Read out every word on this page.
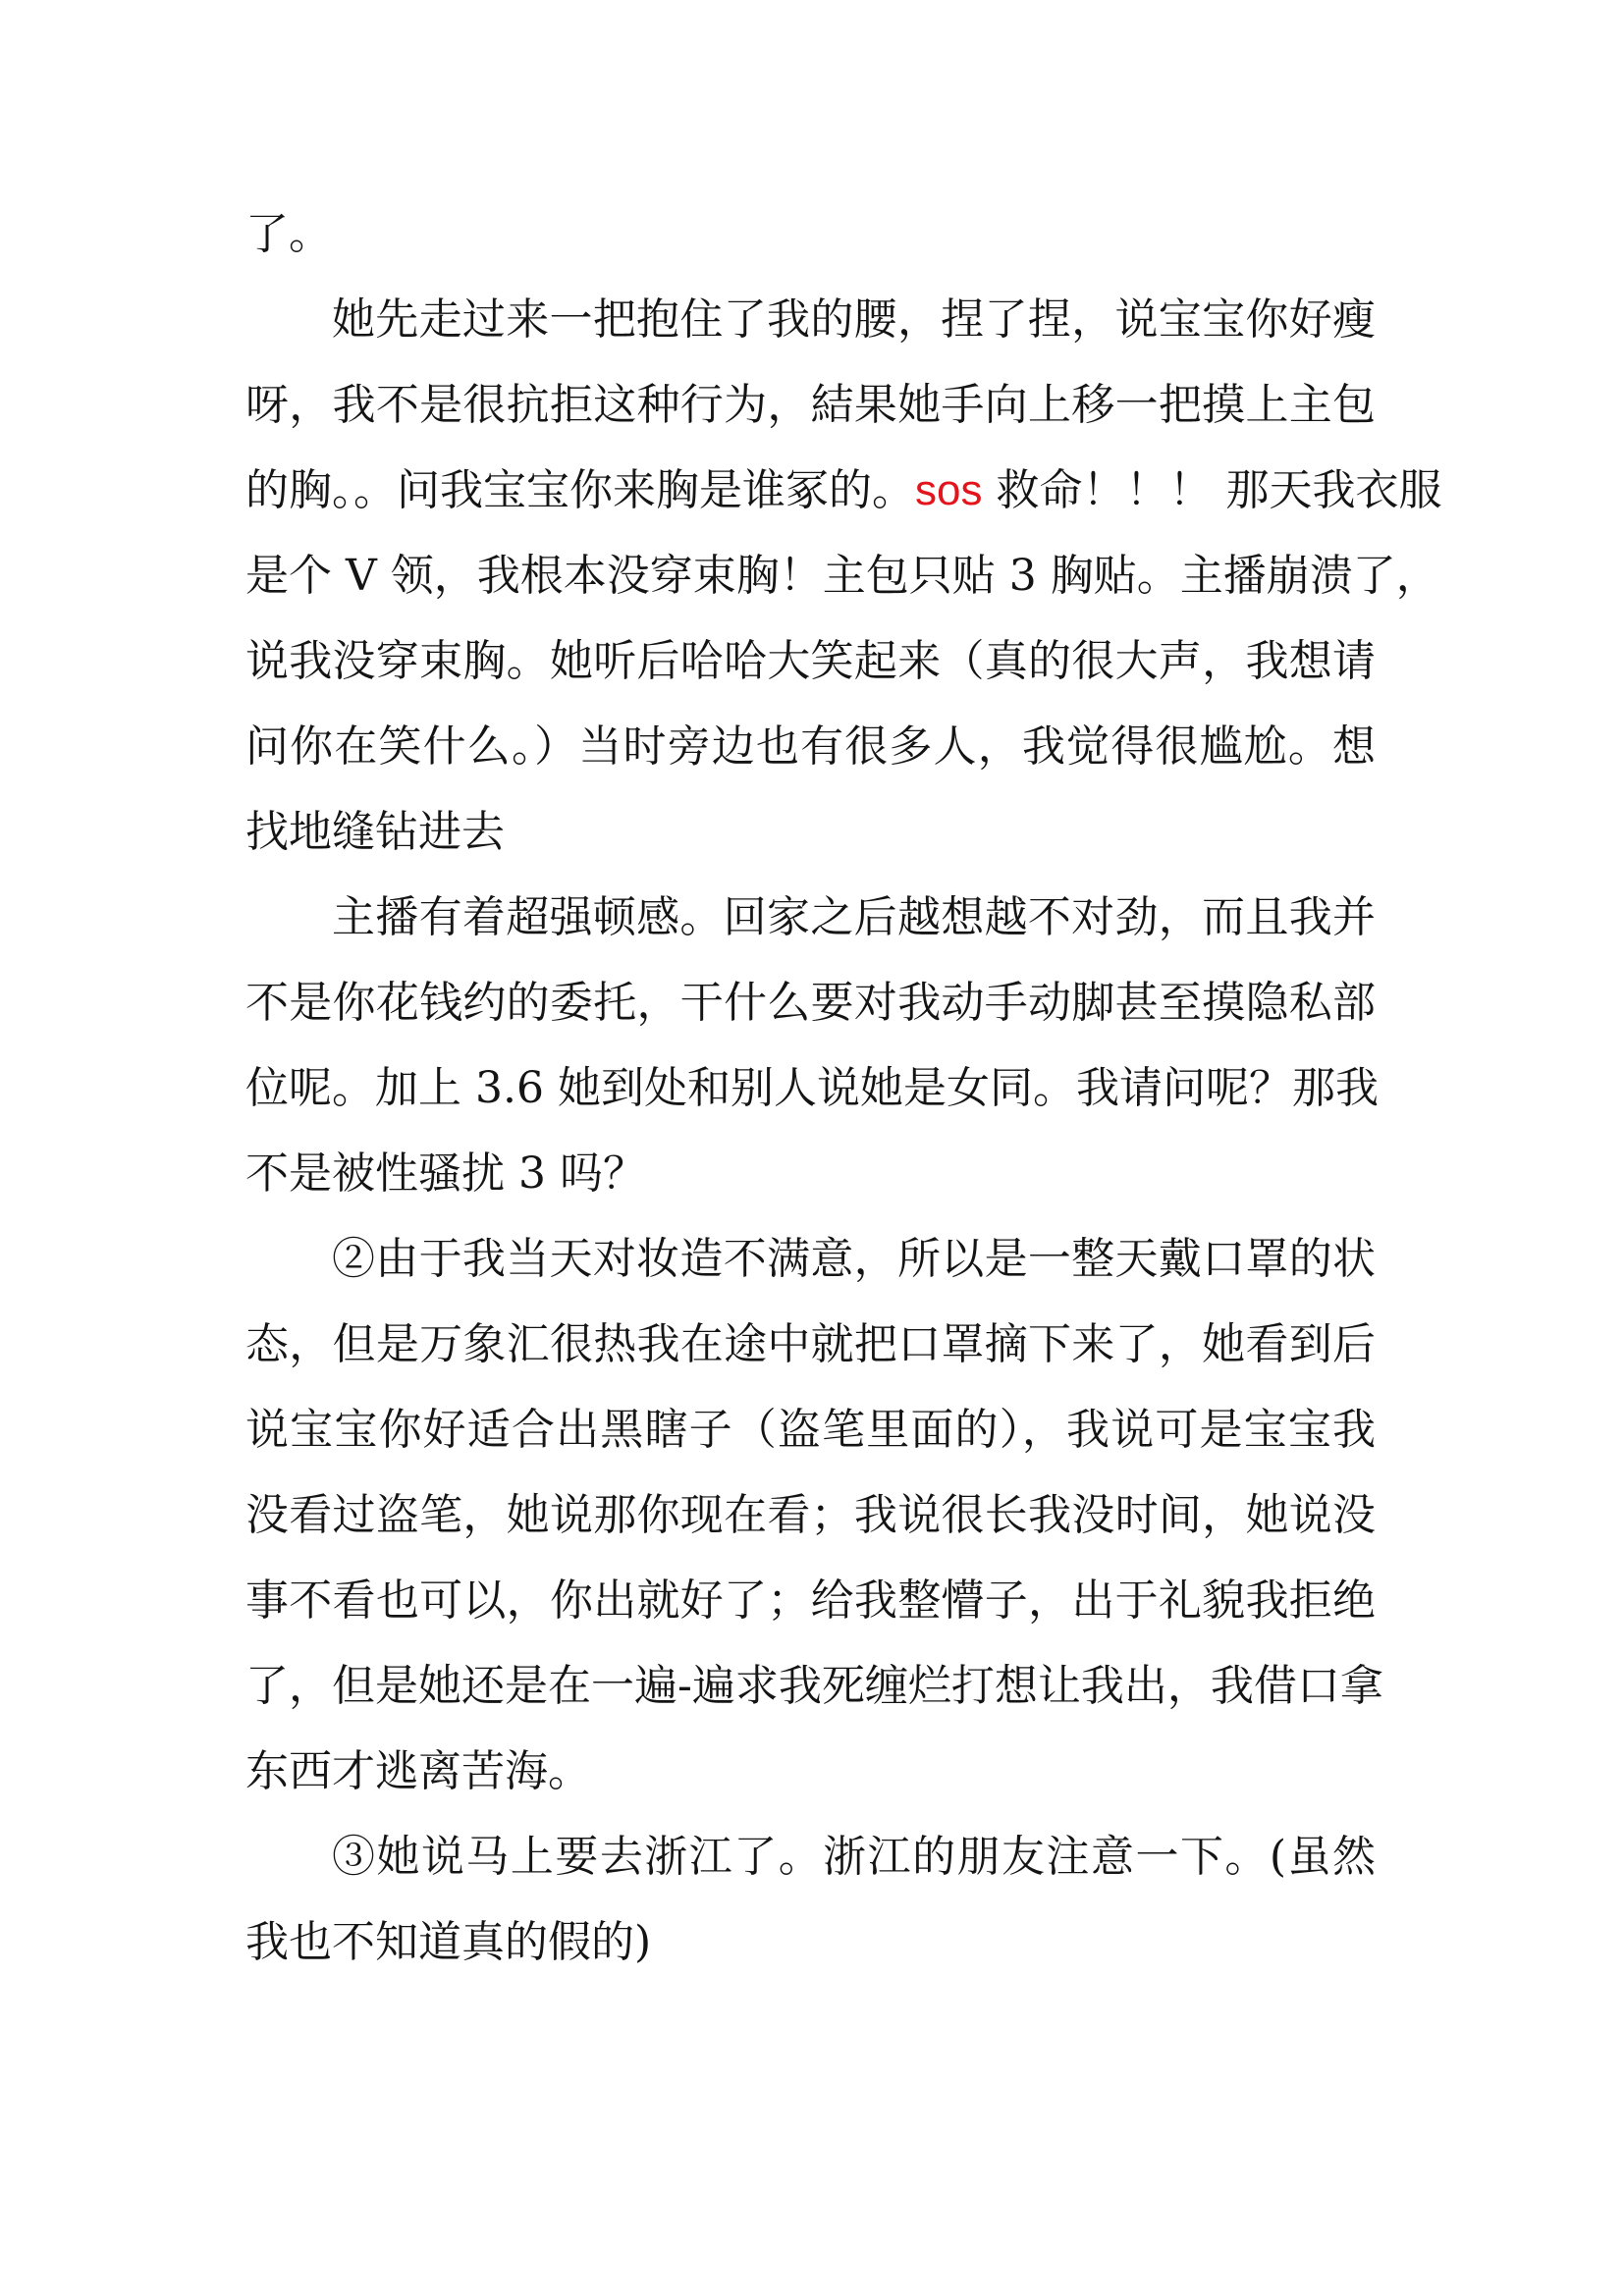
了。
她先走过来一把抱住了我的腰，捏了捏，说宝宝你好瘦
呀，我不是很抗拒这种行为，結果她手向上移一把摸上主包
的胸。。问我宝宝你来胸是谁冢的。sos 救命！！！ 那天我衣服
是个 V 领，我根本没穿束胸！主包只贴 3 胸贴。主播崩溃了，
说我没穿束胸。她听后哈哈大笑起来（真的很大声，我想请
问你在笑什么。）当时旁边也有很多人，我觉得很尴尬。想
找地缝钻进去
主播有着超强顿感。回家之后越想越不对劲，而且我并
不是你花钱约的委托，干什么要对我动手动脚甚至摸隐私部
位呢。加上 3.6 她到处和别人说她是女同。我请问呢？那我
不是被性骚扰 3 吗？
②由于我当天对妆造不满意，所以是一整天戴口罩的状
态，但是万象汇很热我在途中就把口罩摘下来了，她看到后
说宝宝你好适合出黑瞎子（盗笔里面的），我说可是宝宝我
没看过盗笔，她说那你现在看；我说很长我没时间，她说没
事不看也可以，你出就好了；给我整懵子，出于礼貌我拒绝
了，但是她还是在一遍-遍求我死缠烂打想让我出，我借口拿
东西才逃离苦海。
③她说马上要去浙江了。浙江的朋友注意一下。(虽然
我也不知道真的假的)
